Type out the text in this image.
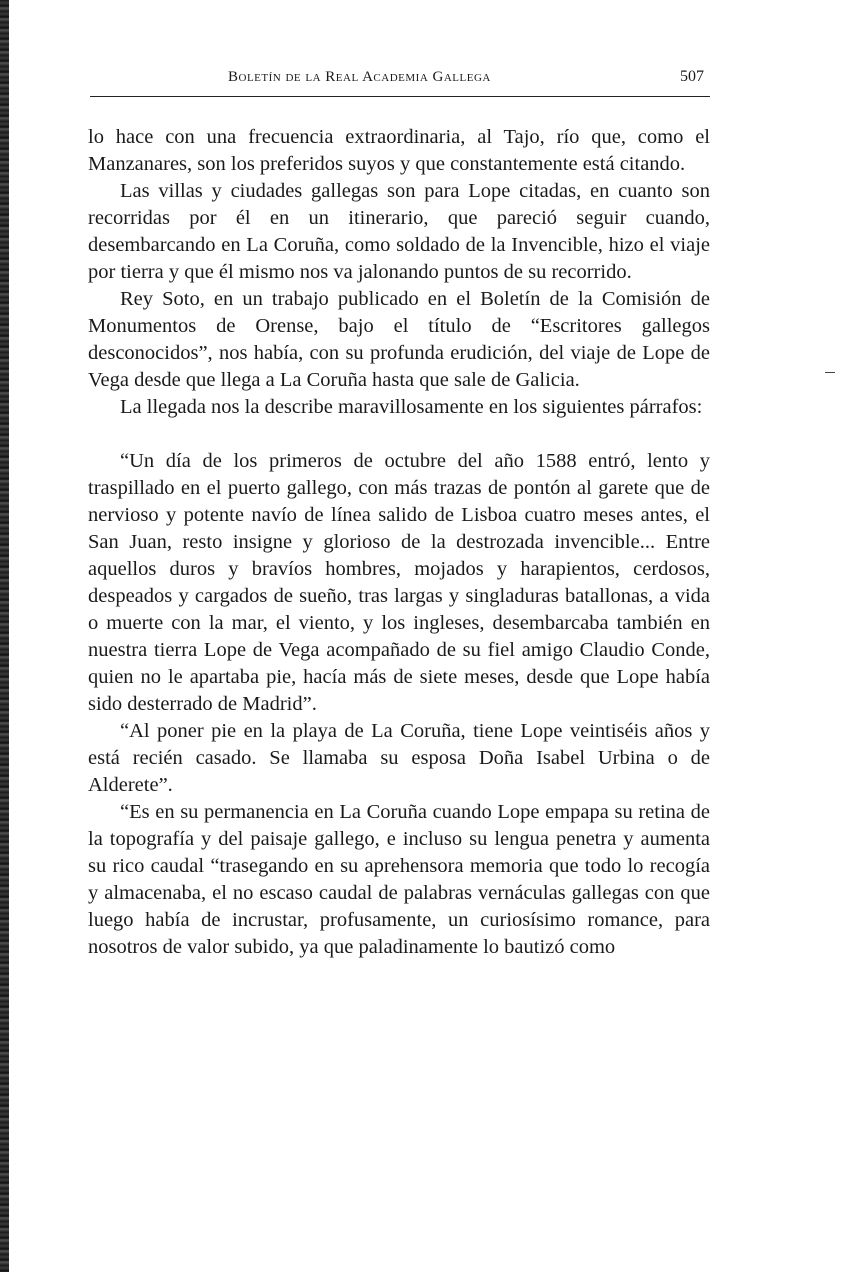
Boletín de la Real Academia Gallega	507

lo hace con una frecuencia extraordinaria, al Tajo, río que, como el Manzanares, son los preferidos suyos y que constantemente está citando.

Las villas y ciudades gallegas son para Lope citadas, en cuanto son recorridas por él en un itinerario, que pareció seguir cuando, desembarcando en La Coruña, como soldado de la Invencible, hizo el viaje por tierra y que él mismo nos va jalonando puntos de su recorrido.

Rey Soto, en un trabajo publicado en el Boletín de la Comisión de Monumentos de Orense, bajo el título de “Escritores gallegos desconocidos”, nos había, con su profunda erudición, del viaje de Lope de Vega desde que llega a La Coruña hasta que sale de Galicia.

La llegada nos la describe maravillosamente en los siguientes párrafos:

“Un día de los primeros de octubre del año 1588 entró, lento y traspillado en el puerto gallego, con más trazas de pontón al garete que de nervioso y potente navío de línea salido de Lisboa cuatro meses antes, el San Juan, resto insigne y glorioso de la destrozada invencible... Entre aquellos duros y bravíos hombres, mojados y harapientos, cerdosos, despeados y cargados de sueño, tras largas y singladuras batallonas, a vida o muerte con la mar, el viento, y los ingleses, desembarcaba también en nuestra tierra Lope de Vega acompañado de su fiel amigo Claudio Conde, quien no le apartaba pie, hacía más de siete meses, desde que Lope había sido desterrado de Madrid”.

“Al poner pie en la playa de La Coruña, tiene Lope veintiséis años y está recién casado. Se llamaba su esposa Doña Isabel Urbina o de Alderete”.

“Es en su permanencia en La Coruña cuando Lope empapa su retina de la topografía y del paisaje gallego, e incluso su lengua penetra y aumenta su rico caudal “trasegando en su aprehensora memoria que todo lo recogía y almacenaba, el no escaso caudal de palabras vernáculas gallegas con que luego había de incrustar, profusamente, un curiosísimo romance, para nosotros de valor subido, ya que paladinamente lo bautizó como
